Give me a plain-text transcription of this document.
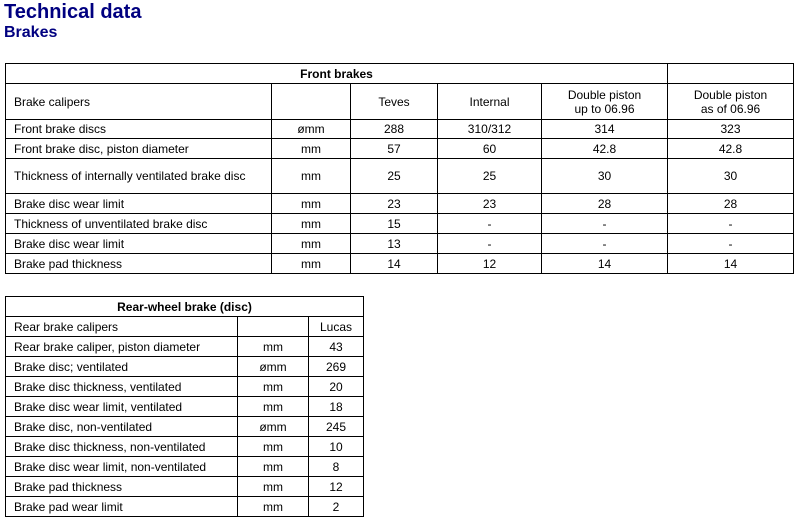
Technical data
Brakes
Front brakes					
Brake calipers		Teves	Internal	Double piston up to 06.96	Double piston as of 06.96

Front brake discs	ømm	288	310/312	314	323
Front brake disc, piston diameter	mm	57	60	42.8	42.8

Thickness of internally ventilated brake disc	mm	25	25	30	30
Brake disc wear limit	mm	23	23	28	28
Thickness of unventilated brake disc	mm	15	-	-	-
Brake disc wear limit	mm	13	-	-	-
Brake pad thickness	mm	14	12	14	14
Rear-wheel brake (disc)		
Rear brake calipers		Lucas
Rear brake caliper, piston diameter	mm	43
Brake disc; ventilated	ømm	269
Brake disc thickness, ventilated	mm	20
Brake disc wear limit, ventilated	mm	18
Brake disc, non-ventilated	ømm	245
Brake disc thickness, non-ventilated	mm	10
Brake disc wear limit, non-ventilated	mm	8
Brake pad thickness	mm	12
Brake pad wear limit	mm	2
